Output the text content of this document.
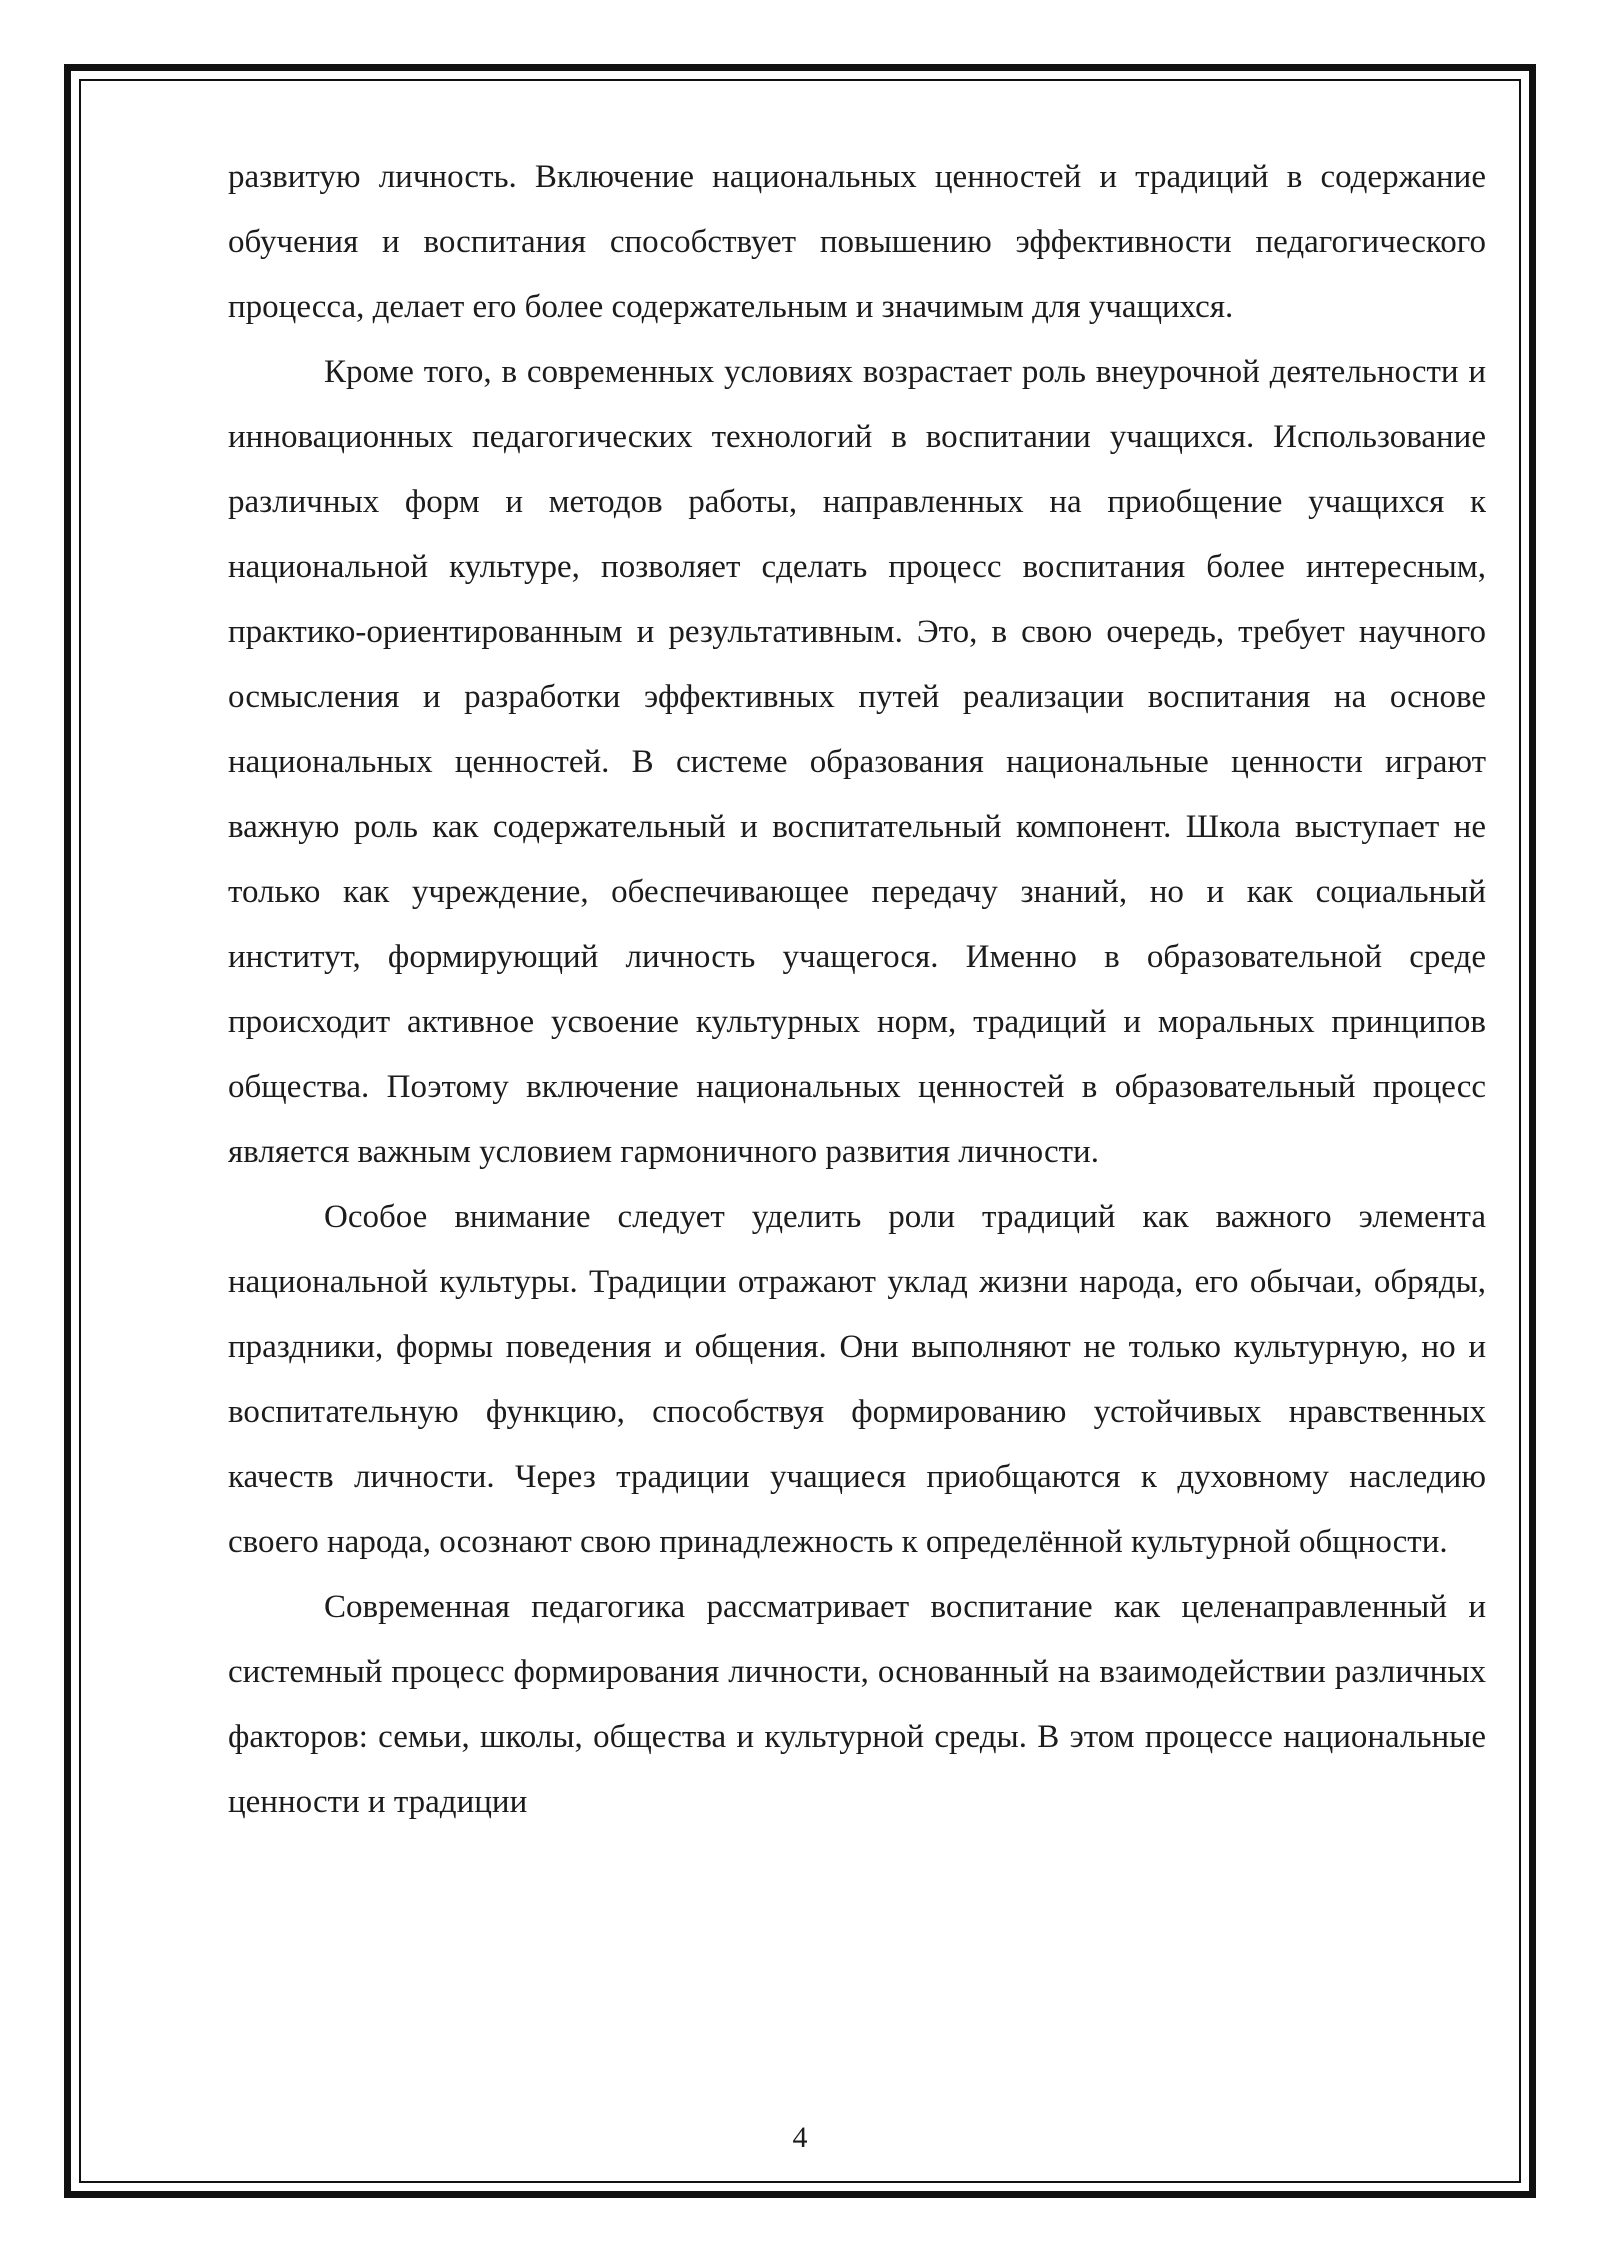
развитую личность. Включение национальных ценностей и традиций в содержание обучения и воспитания способствует повышению эффективности педагогического процесса, делает его более содержательным и значимым для учащихся.

Кроме того, в современных условиях возрастает роль внеурочной деятельности и инновационных педагогических технологий в воспитании учащихся. Использование различных форм и методов работы, направленных на приобщение учащихся к национальной культуре, позволяет сделать процесс воспитания более интересным, практико-ориентированным и результативным. Это, в свою очередь, требует научного осмысления и разработки эффективных путей реализации воспитания на основе национальных ценностей. В системе образования национальные ценности играют важную роль как содержательный и воспитательный компонент. Школа выступает не только как учреждение, обеспечивающее передачу знаний, но и как социальный институт, формирующий личность учащегося. Именно в образовательной среде происходит активное усвоение культурных норм, традиций и моральных принципов общества. Поэтому включение национальных ценностей в образовательный процесс является важным условием гармоничного развития личности.

Особое внимание следует уделить роли традиций как важного элемента национальной культуры. Традиции отражают уклад жизни народа, его обычаи, обряды, праздники, формы поведения и общения. Они выполняют не только культурную, но и воспитательную функцию, способствуя формированию устойчивых нравственных качеств личности. Через традиции учащиеся приобщаются к духовному наследию своего народа, осознают свою принадлежность к определённой культурной общности.

Современная педагогика рассматривает воспитание как целенаправленный и системный процесс формирования личности, основанный на взаимодействии различных факторов: семьи, школы, общества и культурной среды. В этом процессе национальные ценности и традиции

4
